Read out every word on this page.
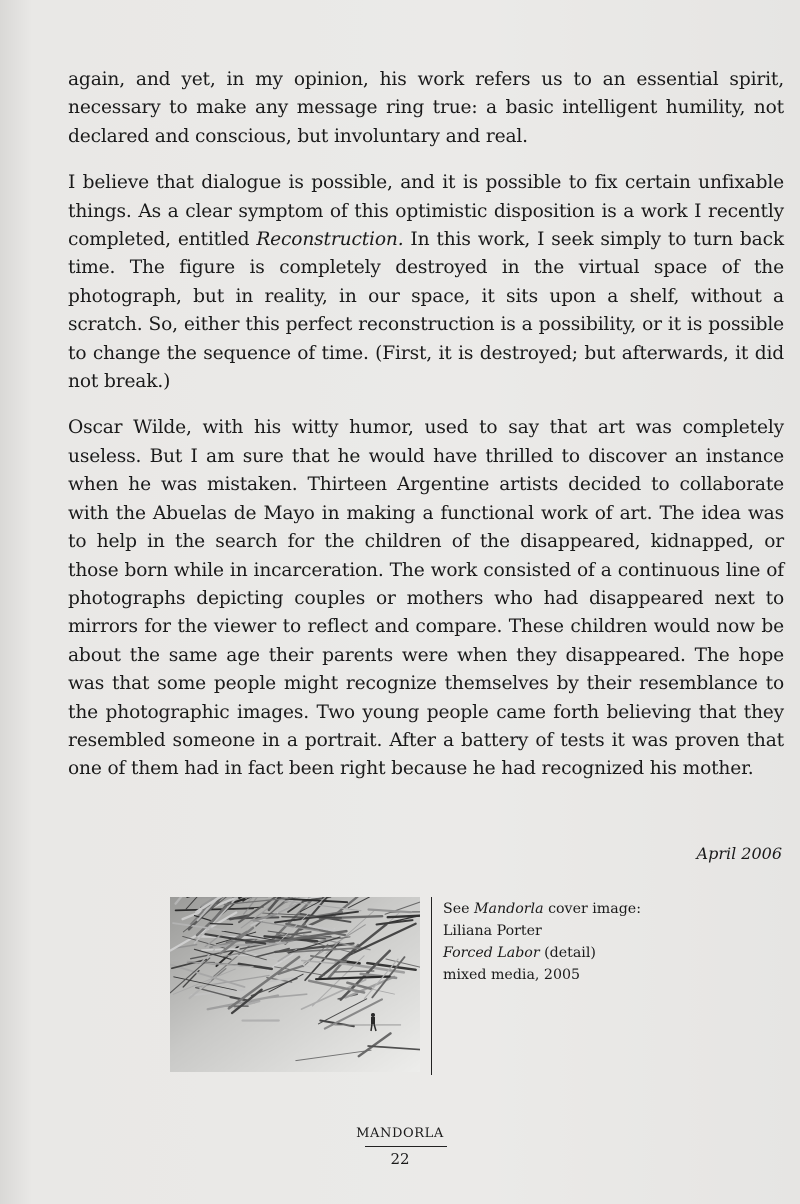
again, and yet, in my opinion, his work refers us to an essential spirit, necessary to make any message ring true: a basic intelligent humility, not declared and conscious, but involuntary and real.

I believe that dialogue is possible, and it is possible to fix certain unfixable things. As a clear symptom of this optimistic disposition is a work I recently completed, entitled Reconstruction. In this work, I seek simply to turn back time. The figure is completely destroyed in the virtual space of the photograph, but in reality, in our space, it sits upon a shelf, without a scratch. So, either this perfect reconstruction is a possibility, or it is possible to change the sequence of time. (First, it is destroyed; but afterwards, it did not break.)

Oscar Wilde, with his witty humor, used to say that art was completely useless. But I am sure that he would have thrilled to discover an instance when he was mistaken. Thirteen Argentine artists decided to collaborate with the Abuelas de Mayo in making a functional work of art. The idea was to help in the search for the children of the disappeared, kidnapped, or those born while in incarceration. The work consisted of a continuous line of photographs depicting couples or mothers who had disappeared next to mirrors for the viewer to reflect and compare. These children would now be about the same age their parents were when they disappeared. The hope was that some people might recognize themselves by their resemblance to the photographic images. Two young people came forth believing that they resembled someone in a portrait. After a battery of tests it was proven that one of them had in fact been right because he had recognized his mother.

April 2006
See Mandorla cover image:
Liliana Porter
Forced Labor (detail)
mixed media, 2005
MANDORLA
22
